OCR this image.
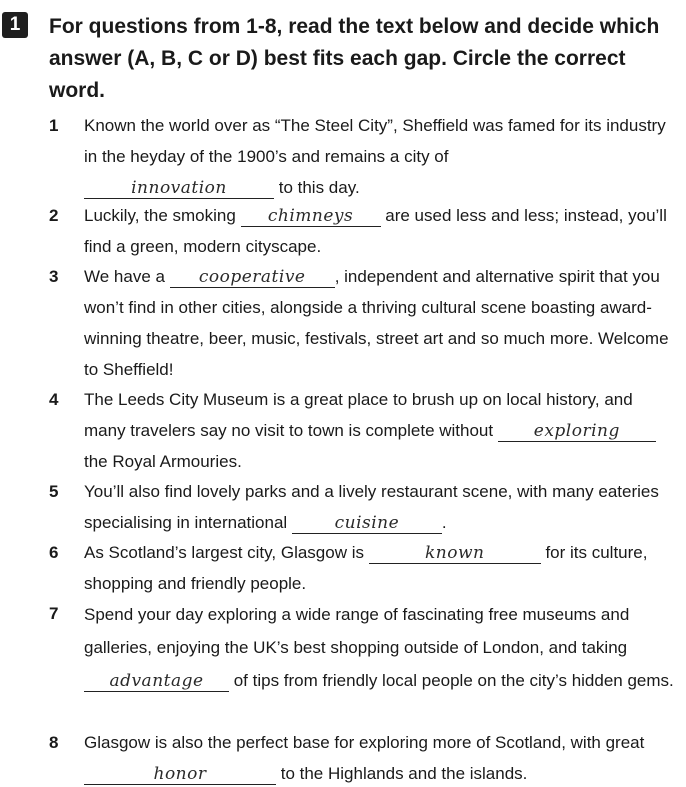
1	For questions from 1-8, read the text below and decide which answer (A, B, C or D) best fits each gap. Circle the correct word.
1 Known the world over as “The Steel City”, Sheffield was famed for its industry in the heyday of the 1900’s and remains a city of
innovation	to this day.
2 Luckily, the smoking chimneys are used less and less; instead, you’ll find a green, modern cityscape.
3 We have a cooperative , independent and alternative spirit that you won’t find in other cities, alongside a thriving cultural scene boasting award-winning theatre, beer, music, festivals, street art and so much more. Welcome to Sheffield!
4 The Leeds City Museum is a great place to brush up on local history, and many travelers say no visit to town is complete without exploring the Royal Armouries.
5 You’ll also find lovely parks and a lively restaurant scene, with many eateries specialising in international	cuisine	.
6 As Scotland’s largest city, Glasgow is	known	for its culture, shopping and friendly people.
7 Spend your day exploring a wide range of fascinating free museums and galleries, enjoying the UK’s best shopping outside of London, and taking advantage of tips from friendly local people on the city’s hidden gems.
8 Glasgow is also the perfect base for exploring more of Scotland, with great honor	to the Highlands and the islands.
